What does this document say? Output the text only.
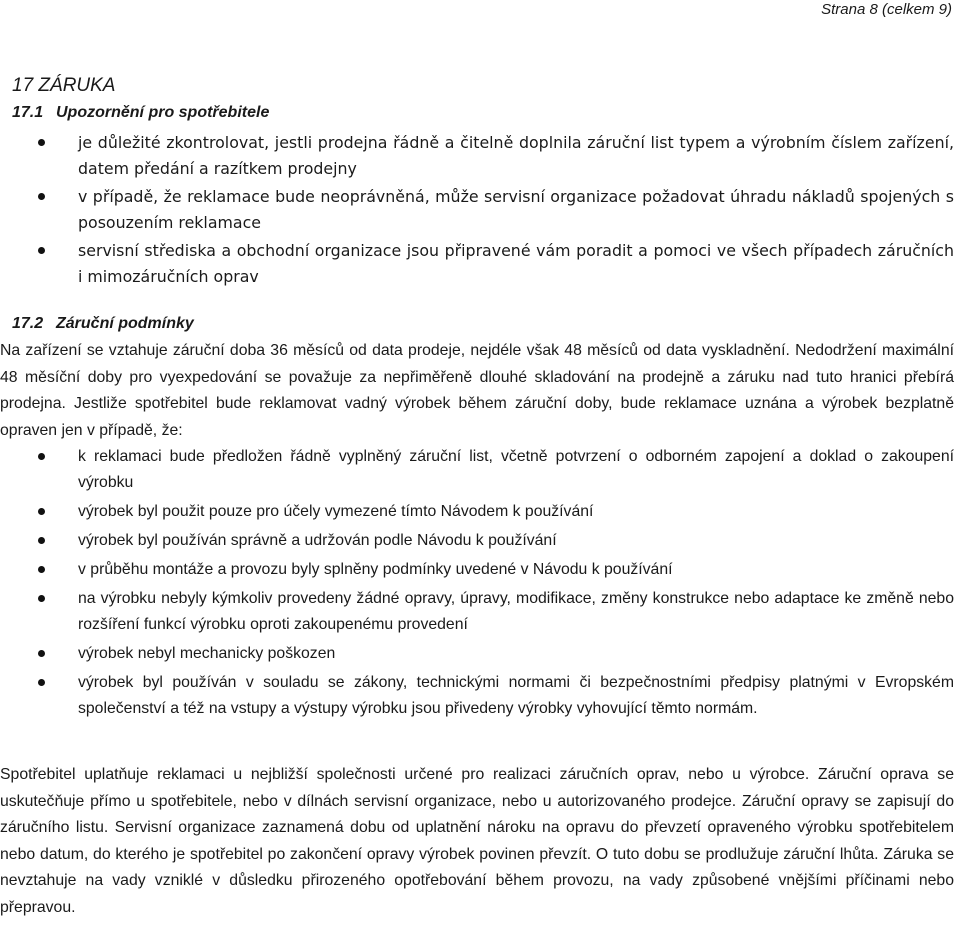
Strana 8 (celkem 9)
17 ZÁRUKA
17.1 Upozornění pro spotřebitele
je důležité zkontrolovat, jestli prodejna řádně a čitelně doplnila záruční list typem a výrobním číslem zařízení, datem předání a razítkem prodejny
v případě, že reklamace bude neoprávněná, může servisní organizace požadovat úhradu nákladů spojených s posouzením reklamace
servisní střediska a obchodní organizace jsou připravené vám poradit a pomoci ve všech případech záručních i mimozáručních oprav
17.2 Záruční podmínky

Na zařízení se vztahuje záruční doba 36 měsíců od data prodeje, nejdéle však 48 měsíců od data vyskladnění. Nedodržení maximální 48 měsíční doby pro vyexpedování se považuje za nepřiměřeně dlouhé skladování na prodejně a záruku nad tuto hranici přebírá prodejna. Jestliže spotřebitel bude reklamovat vadný výrobek během záruční doby, bude reklamace uznána a výrobek bezplatně opraven jen v případě, že:

k reklamaci bude předložen řádně vyplněný záruční list, včetně potvrzení o odborném zapojení a doklad o zakoupení výrobku
výrobek byl použit pouze pro účely vymezené tímto Návodem k používání
výrobek byl používán správně a udržován podle Návodu k používání
v průběhu montáže a provozu byly splněny podmínky uvedené v Návodu k používání
na výrobku nebyly kýmkoliv provedeny žádné opravy, úpravy, modifikace, změny konstrukce nebo adaptace ke změně nebo rozšíření funkcí výrobku oproti zakoupenému provedení
výrobek nebyl mechanicky poškozen
výrobek byl používán v souladu se zákony, technickými normami či bezpečnostními předpisy platnými v Evropském společenství a též na vstupy a výstupy výrobku jsou přivedeny výrobky vyhovující těmto normám.

Spotřebitel uplatňuje reklamaci u nejbližší společnosti určené pro realizaci záručních oprav, nebo u výrobce. Záruční oprava se uskutečňuje přímo u spotřebitele, nebo v dílnách servisní organizace, nebo u autorizovaného prodejce. Záruční opravy se zapisují do záručního listu. Servisní organizace zaznamená dobu od uplatnění nároku na opravu do převzetí opraveného výrobku spotřebitelem nebo datum, do kterého je spotřebitel po zakončení opravy výrobek povinen převzít. O tuto dobu se prodlužuje záruční lhůta. Záruka se nevztahuje na vady vzniklé v důsledku přirozeného opotřebování během provozu, na vady způsobené vnějšími příčinami nebo přepravou.
